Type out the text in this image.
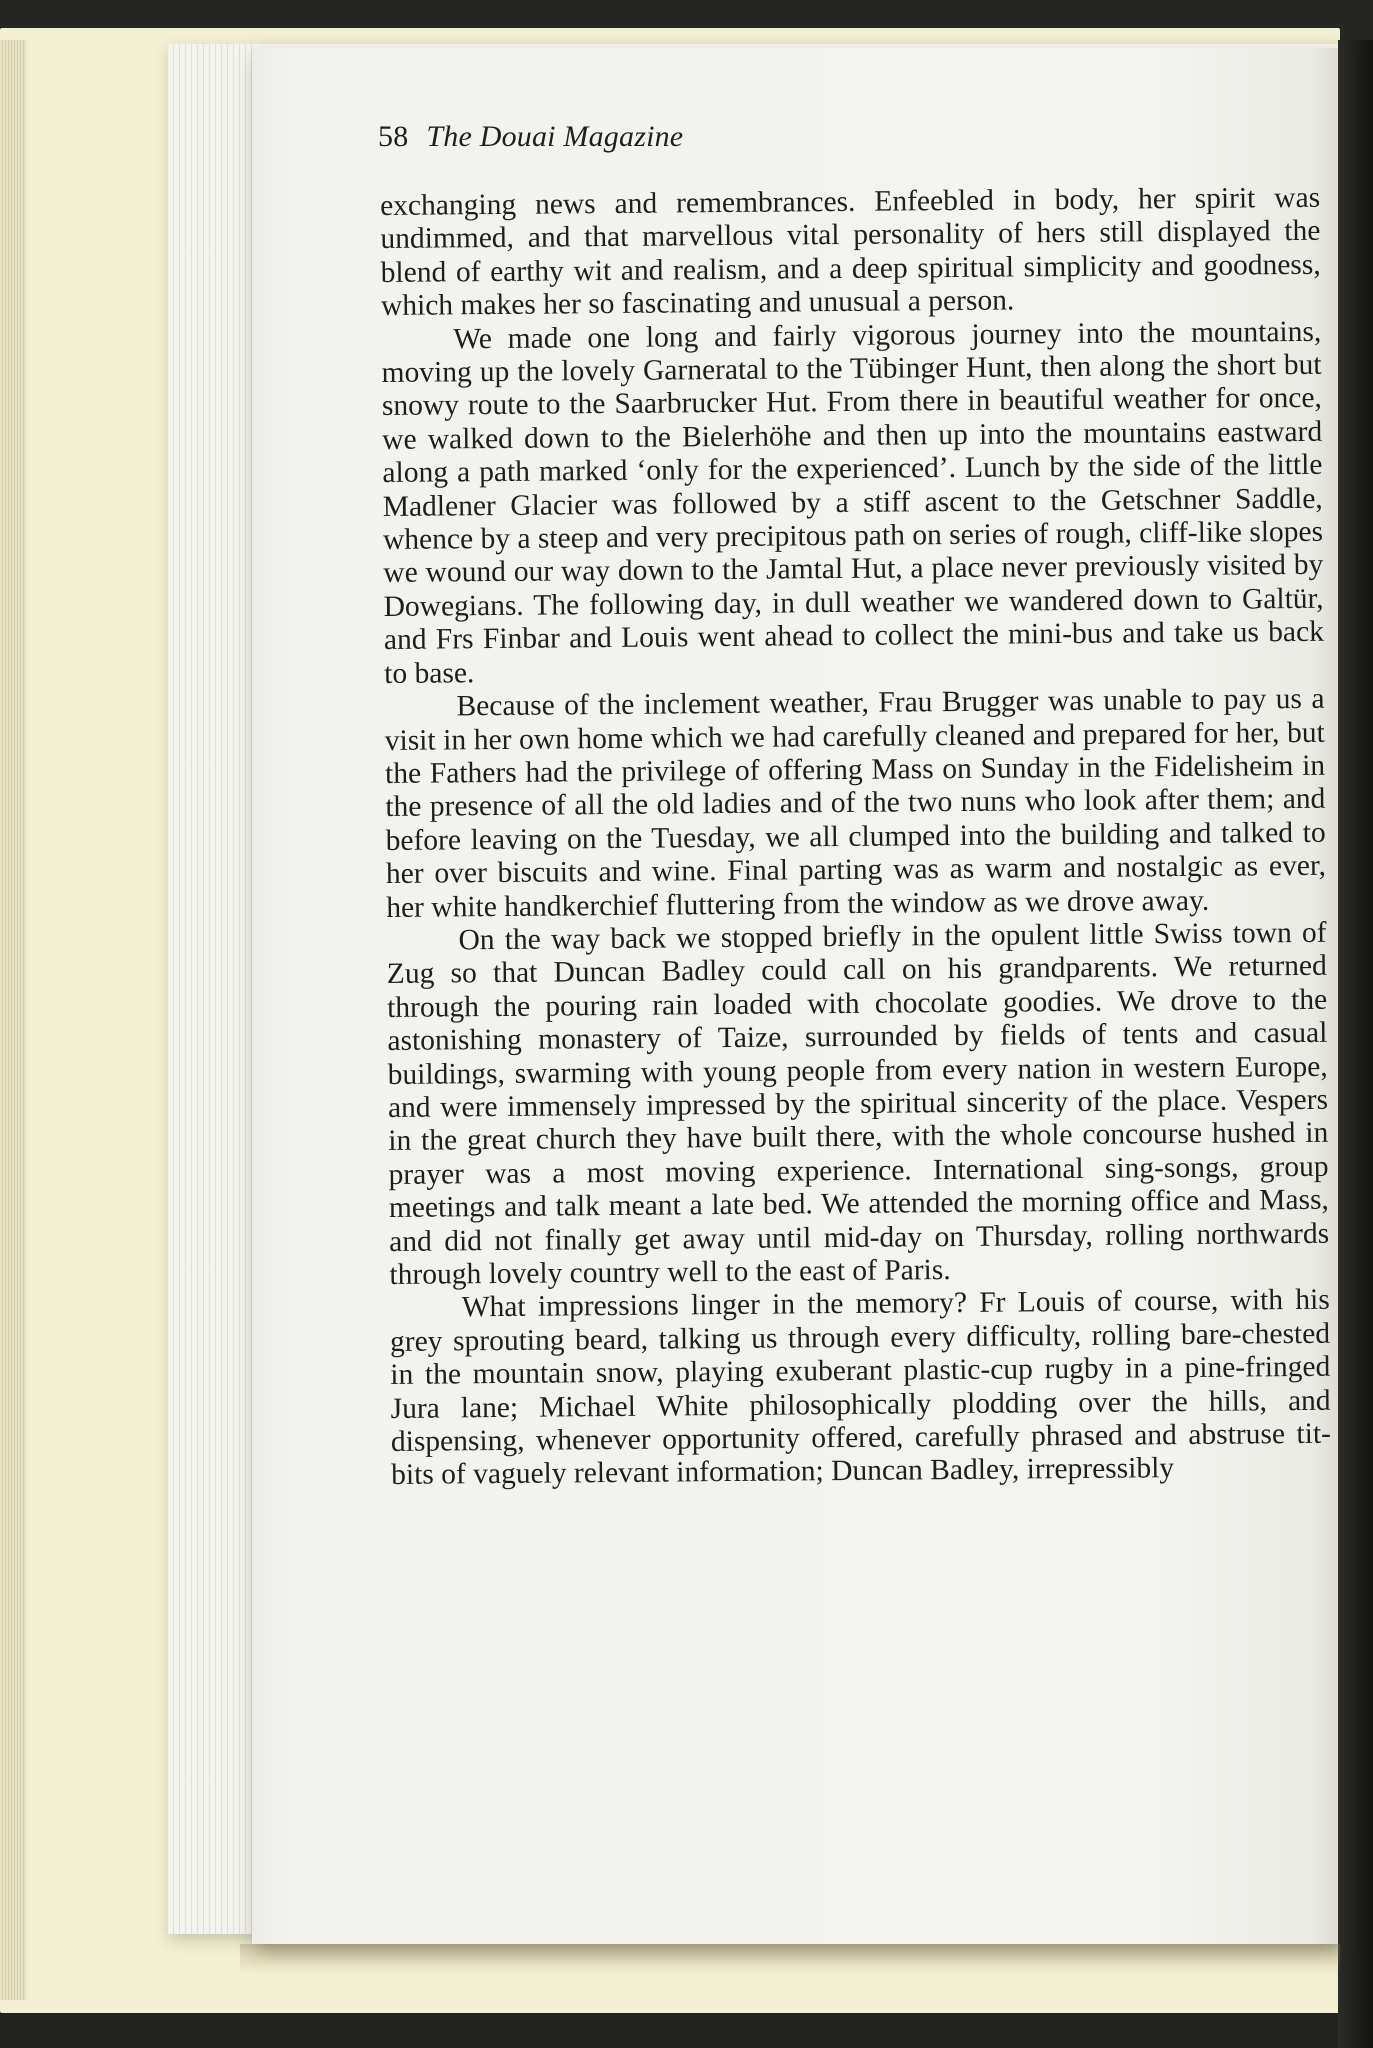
58 The Douai Magazine

exchanging news and remembrances. Enfeebled in body, her spirit was undimmed, and that marvellous vital personality of hers still displayed the blend of earthy wit and realism, and a deep spiritual simplicity and goodness, which makes her so fascinating and unusual a person.

We made one long and fairly vigorous journey into the mountains, moving up the lovely Garneratal to the Tübinger Hunt, then along the short but snowy route to the Saarbrucker Hut. From there in beautiful weather for once, we walked down to the Bielerhöhe and then up into the mountains eastward along a path marked ‘only for the experienced’. Lunch by the side of the little Madlener Glacier was followed by a stiff ascent to the Getschner Saddle, whence by a steep and very precipitous path on series of rough, cliff-like slopes we wound our way down to the Jamtal Hut, a place never previously visited by Dowegians. The following day, in dull weather we wandered down to Galtür, and Frs Finbar and Louis went ahead to collect the mini-bus and take us back to base.

Because of the inclement weather, Frau Brugger was unable to pay us a visit in her own home which we had carefully cleaned and prepared for her, but the Fathers had the privilege of offering Mass on Sunday in the Fidelisheim in the presence of all the old ladies and of the two nuns who look after them; and before leaving on the Tuesday, we all clumped into the building and talked to her over biscuits and wine. Final parting was as warm and nostalgic as ever, her white handkerchief fluttering from the window as we drove away.

On the way back we stopped briefly in the opulent little Swiss town of Zug so that Duncan Badley could call on his grandparents. We returned through the pouring rain loaded with chocolate goodies. We drove to the astonishing monastery of Taize, surrounded by fields of tents and casual buildings, swarming with young people from every nation in western Europe, and were immensely impressed by the spiritual sincerity of the place. Vespers in the great church they have built there, with the whole concourse hushed in prayer was a most moving experience. International sing-songs, group meetings and talk meant a late bed. We attended the morning office and Mass, and did not finally get away until mid-day on Thursday, rolling northwards through lovely country well to the east of Paris.

What impressions linger in the memory? Fr Louis of course, with his grey sprouting beard, talking us through every difficulty, rolling bare-chested in the mountain snow, playing exuberant plastic-cup rugby in a pine-fringed Jura lane; Michael White philosophically plodding over the hills, and dispensing, whenever opportunity offered, carefully phrased and abstruse tit-bits of vaguely relevant information; Duncan Badley, irrepressibly
